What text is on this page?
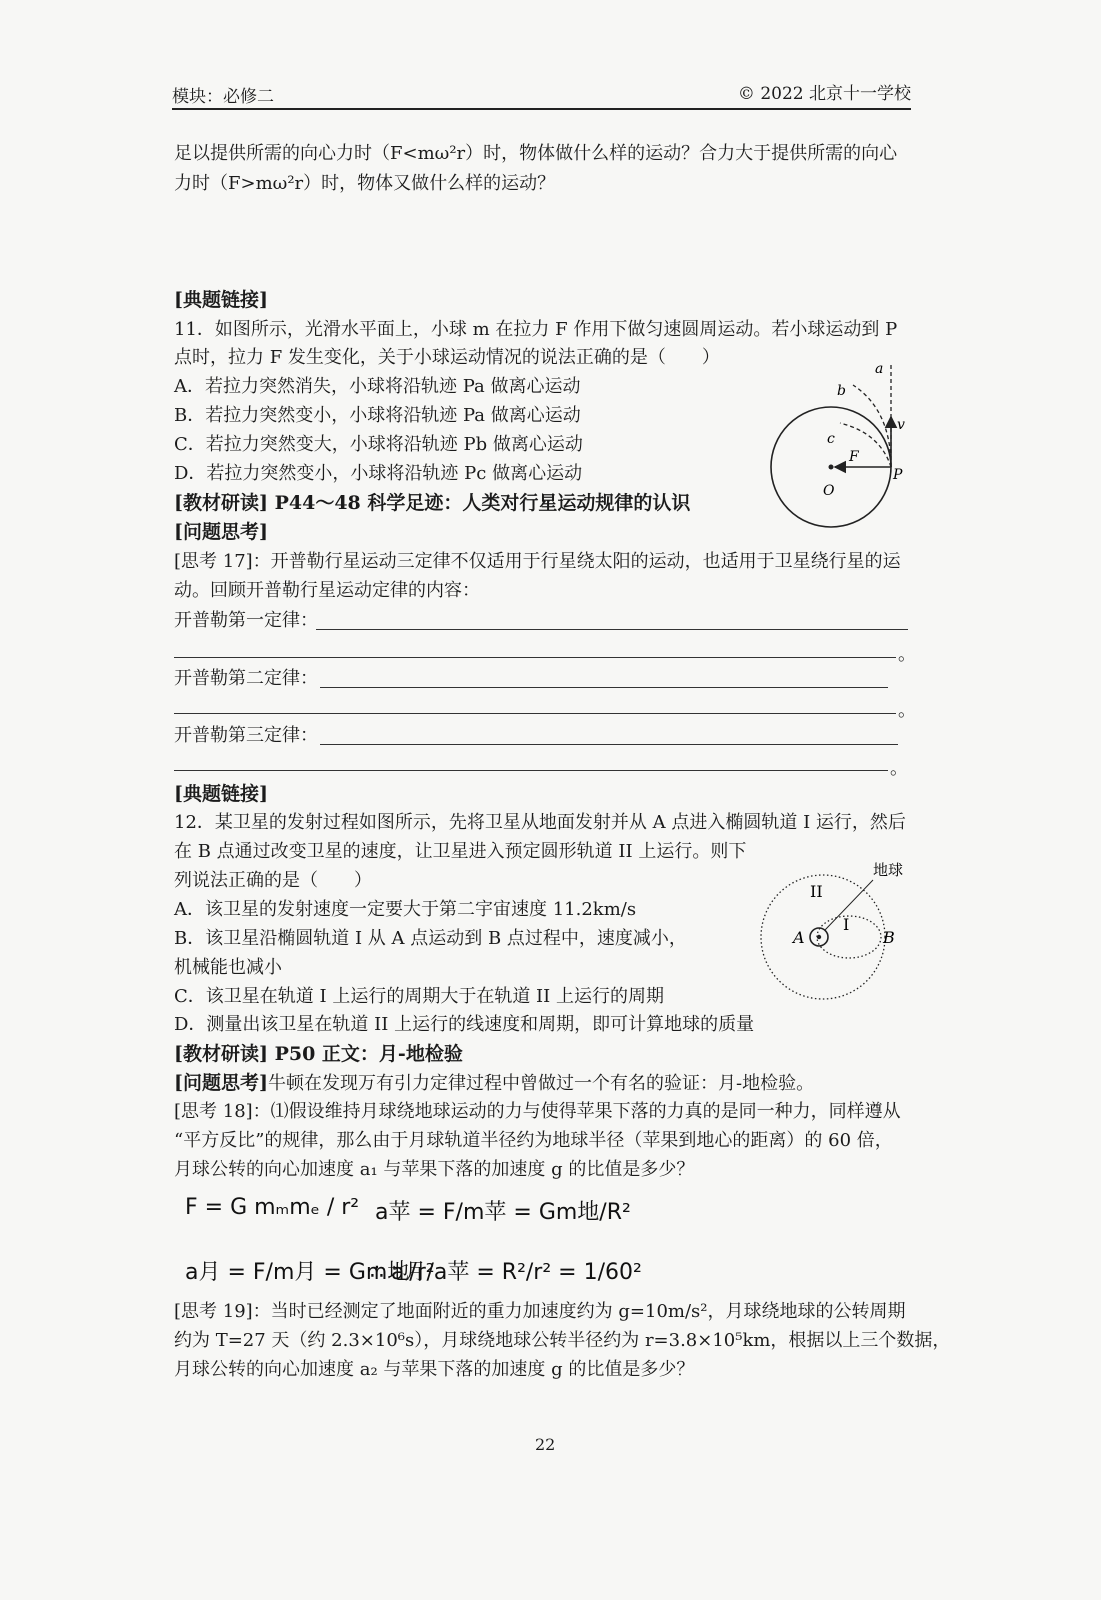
模块：必修二	© 2022 北京十一学校
足以提供所需的向心力时（F<mω²r）时，物体做什么样的运动？合力大于提供所需的向心
力时（F>mω²r）时，物体又做什么样的运动？
[典题链接]
11．如图所示，光滑水平面上，小球 m 在拉力 F 作用下做匀速圆周运动。若小球运动到 P
点时，拉力 F 发生变化，关于小球运动情况的说法正确的是（　　）
A．若拉力突然消失，小球将沿轨迹 Pa 做离心运动
B．若拉力突然变小，小球将沿轨迹 Pa 做离心运动
C．若拉力突然变大，小球将沿轨迹 Pb 做离心运动
D．若拉力突然变小，小球将沿轨迹 Pc 做离心运动
a
b
c
v
F
P
O
[教材研读] P44～48 科学足迹：人类对行星运动规律的认识
[问题思考]
[思考 17]：开普勒行星运动三定律不仅适用于行星绕太阳的运动，也适用于卫星绕行星的运
动。回顾开普勒行星运动定律的内容：
开普勒第一定律：
。
开普勒第二定律：
。
开普勒第三定律：
。
[典题链接]
12．某卫星的发射过程如图所示，先将卫星从地面发射并从 A 点进入椭圆轨道 I 运行，然后
在 B 点通过改变卫星的速度，让卫星进入预定圆形轨道 II 上运行。则下
列说法正确的是（　　）
A．该卫星的发射速度一定要大于第二宇宙速度 11.2km/s
B．该卫星沿椭圆轨道 I 从 A 点运动到 B 点过程中，速度减小，
机械能也减小
C．该卫星在轨道 I 上运行的周期大于在轨道 II 上运行的周期
D．测量出该卫星在轨道 II 上运行的线速度和周期，即可计算地球的质量
地球
II
I
A	B
[教材研读] P50 正文：月-地检验
[问题思考]牛顿在发现万有引力定律过程中曾做过一个有名的验证：月-地检验。
[思考 18]：⑴假设维持月球绕地球运动的力与使得苹果下落的力真的是同一种力，同样遵从
“平方反比”的规律，那么由于月球轨道半径约为地球半径（苹果到地心的距离）的 60 倍，
月球公转的向心加速度 a₁ 与苹果下落的加速度 g 的比值是多少？
F = G mₘmₑ / r² a苹 = F/m苹 = Gm地/R²
a月 = F/m月 = Gm地/r²
∴ a月/a苹 = R²/r² = 1/60²
[思考 19]：当时已经测定了地面附近的重力加速度约为 g=10m/s²，月球绕地球的公转周期
约为 T=27 天（约 2.3×10⁶s），月球绕地球公转半径约为 r=3.8×10⁵km，根据以上三个数据，
月球公转的向心加速度 a₂ 与苹果下落的加速度 g 的比值是多少？
22
